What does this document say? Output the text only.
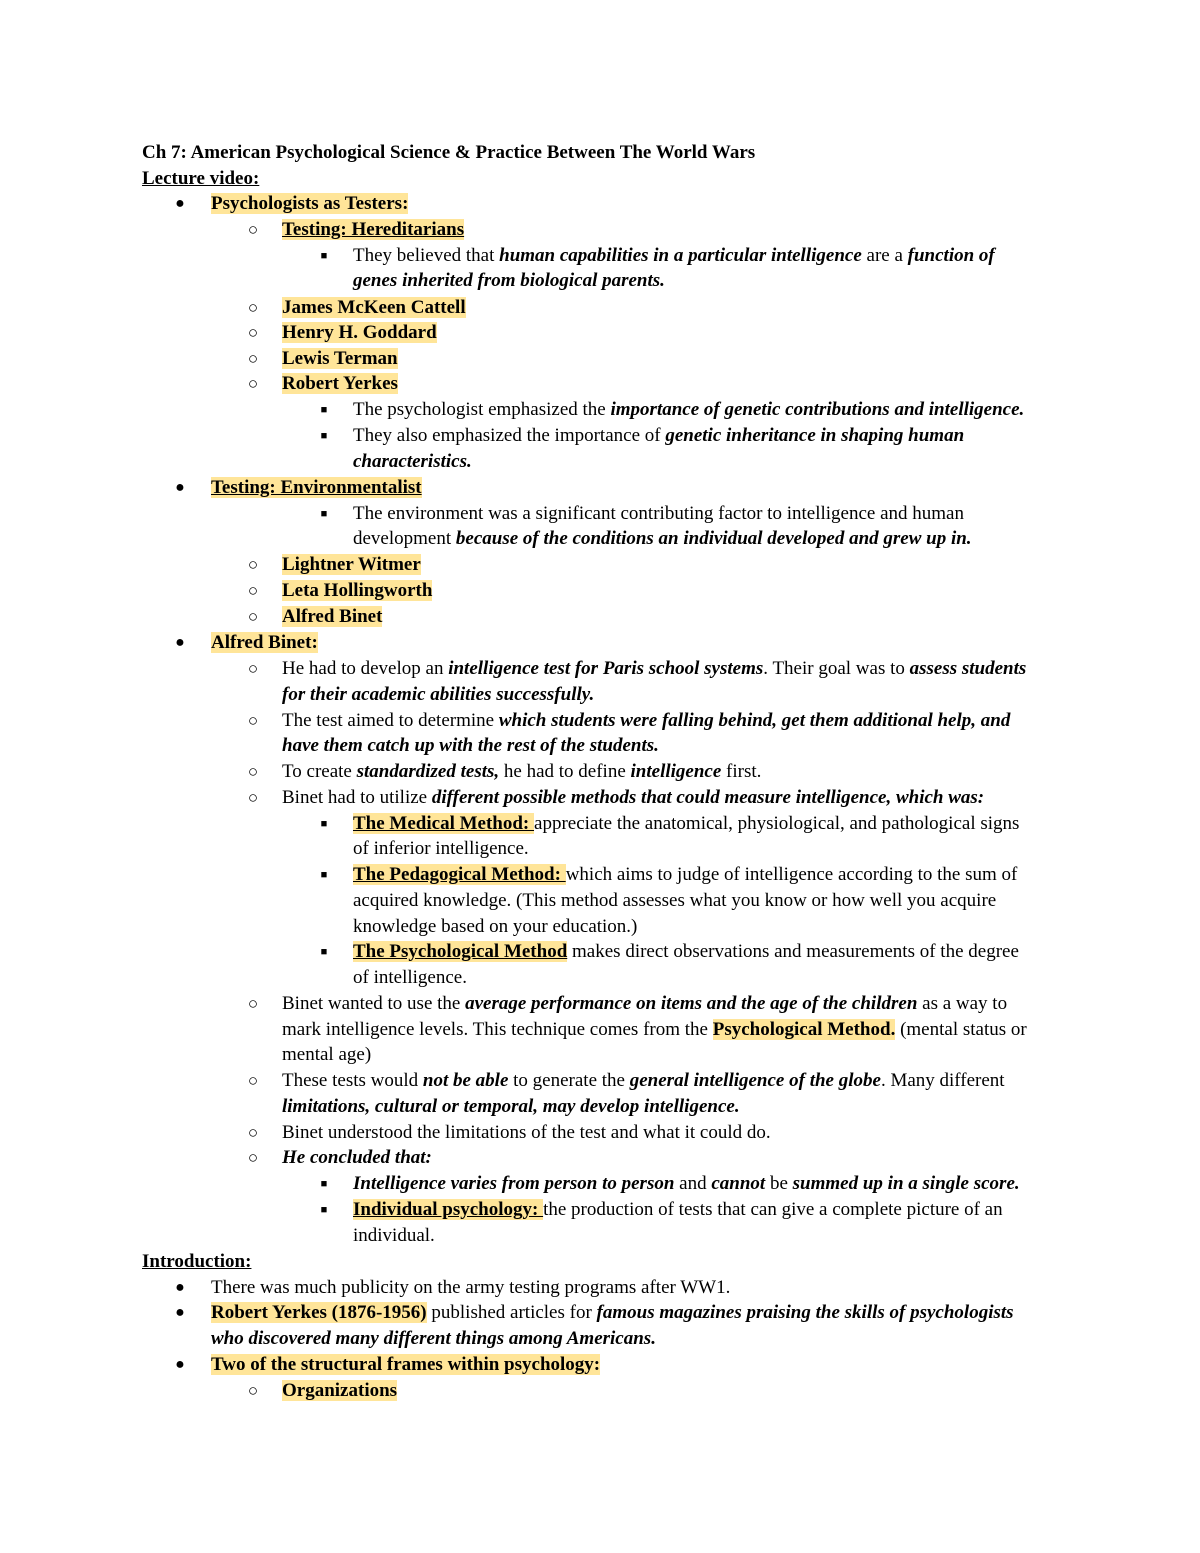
Ch 7: American Psychological Science & Practice Between The World Wars
Lecture video:
● Psychologists as Testers:
○ Testing: Hereditarians
■	They believed that human capabilities in a particular intelligence are a function of
genes inherited from biological parents.
○ James McKeen Cattell
○ Henry H. Goddard
○ Lewis Terman
○ Robert Yerkes
■	The psychologist emphasized the importance of genetic contributions and intelligence.
■	They also emphasized the importance of genetic inheritance in shaping human
characteristics.
● Testing: Environmentalist
■	The environment was a significant contributing factor to intelligence and human
development because of the conditions an individual developed and grew up in.
○ Lightner Witmer
○ Leta Hollingworth
○ Alfred Binet
● Alfred Binet:
○ He had to develop an intelligence test for Paris school systems. Their goal was to assess students
for their academic abilities successfully.
○ The test aimed to determine which students were falling behind, get them additional help, and
have them catch up with the rest of the students.
○ To create standardized tests, he had to define intelligence first.
○ Binet had to utilize different possible methods that could measure intelligence, which was:
■	The Medical Method: appreciate the anatomical, physiological, and pathological signs
of inferior intelligence.
■	The Pedagogical Method: which aims to judge of intelligence according to the sum of
acquired knowledge. (This method assesses what you know or how well you acquire
knowledge based on your education.)
■	The Psychological Method makes direct observations and measurements of the degree
of intelligence.
○ Binet wanted to use the average performance on items and the age of the children as a way to
mark intelligence levels. This technique comes from the Psychological Method. (mental status or
mental age)
○ These tests would not be able to generate the general intelligence of the globe. Many different
limitations, cultural or temporal, may develop intelligence.
○ Binet understood the limitations of the test and what it could do.
○ He concluded that:
■	Intelligence varies from person to person and cannot be summed up in a single score.
■	Individual psychology: the production of tests that can give a complete picture of an
individual.
Introduction:
● There was much publicity on the army testing programs after WW1.
● Robert Yerkes (1876-1956) published articles for famous magazines praising the skills of psychologists
who discovered many different things among Americans.
● Two of the structural frames within psychology:
○ Organizations
